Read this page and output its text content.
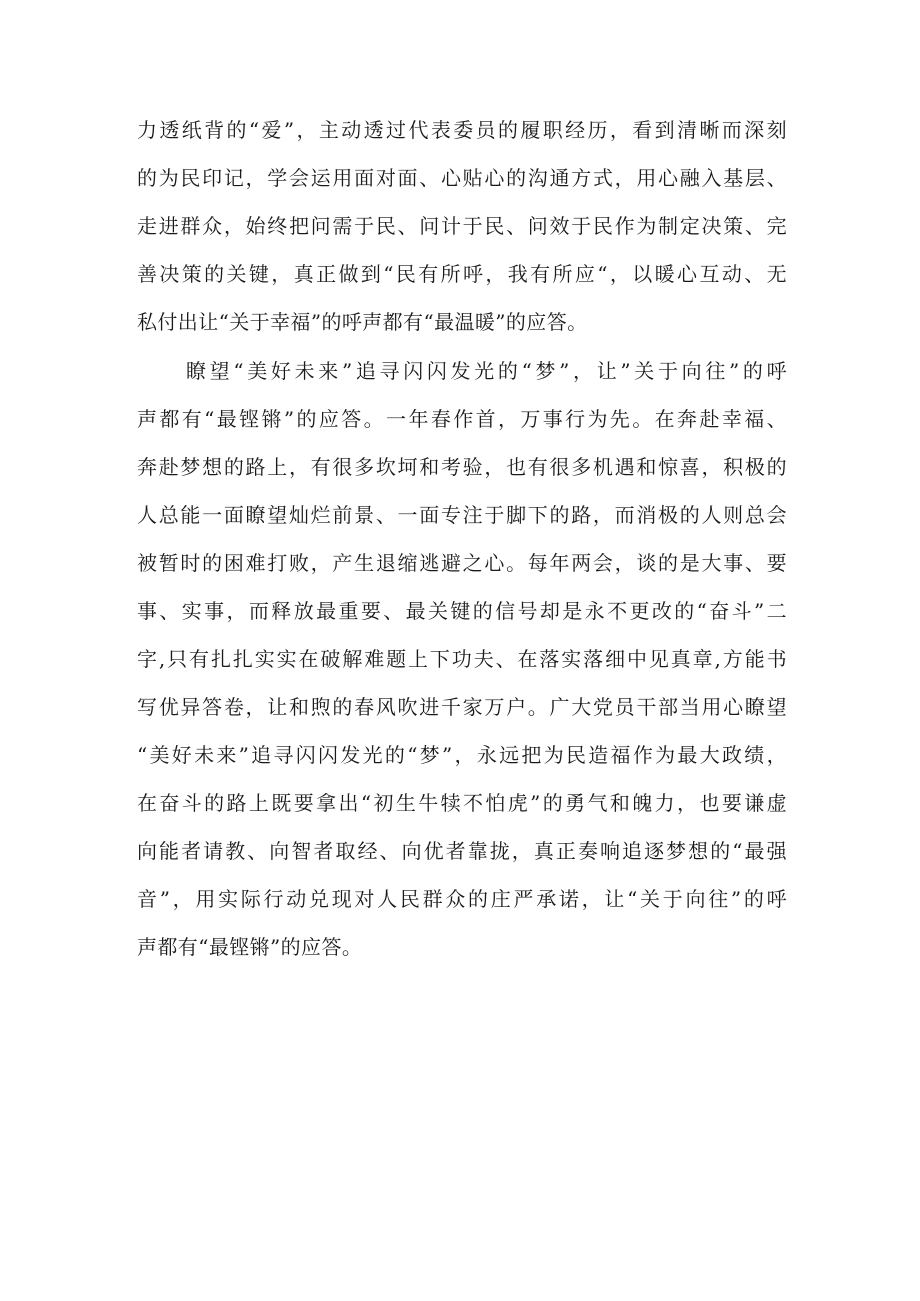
力透纸背的“爱”，主动透过代表委员的履职经历，看到清晰而深刻
的为民印记，学会运用面对面、心贴心的沟通方式，用心融入基层、
走进群众，始终把问需于民、问计于民、问效于民作为制定决策、完
善决策的关键，真正做到“民有所呼，我有所应“，以暖心互动、无
私付出让“关于幸福”的呼声都有“最温暖”的应答。
瞭望“美好未来”追寻闪闪发光的“梦”，让”关于向往”的呼
声都有“最铿锵”的应答。一年春作首，万事行为先。在奔赴幸福、
奔赴梦想的路上，有很多坎坷和考验，也有很多机遇和惊喜，积极的
人总能一面瞭望灿烂前景、一面专注于脚下的路，而消极的人则总会
被暂时的困难打败，产生退缩逃避之心。每年两会，谈的是大事、要
事、实事，而释放最重要、最关键的信号却是永不更改的“奋斗”二
字,只有扎扎实实在破解难题上下功夫、在落实落细中见真章,方能书
写优异答卷，让和煦的春风吹进千家万户。广大党员干部当用心瞭望
“美好未来”追寻闪闪发光的“梦”，永远把为民造福作为最大政绩，
在奋斗的路上既要拿出“初生牛犊不怕虎”的勇气和魄力，也要谦虚
向能者请教、向智者取经、向优者靠拢，真正奏响追逐梦想的“最强
音”，用实际行动兑现对人民群众的庄严承诺，让“关于向往”的呼
声都有“最铿锵”的应答。
